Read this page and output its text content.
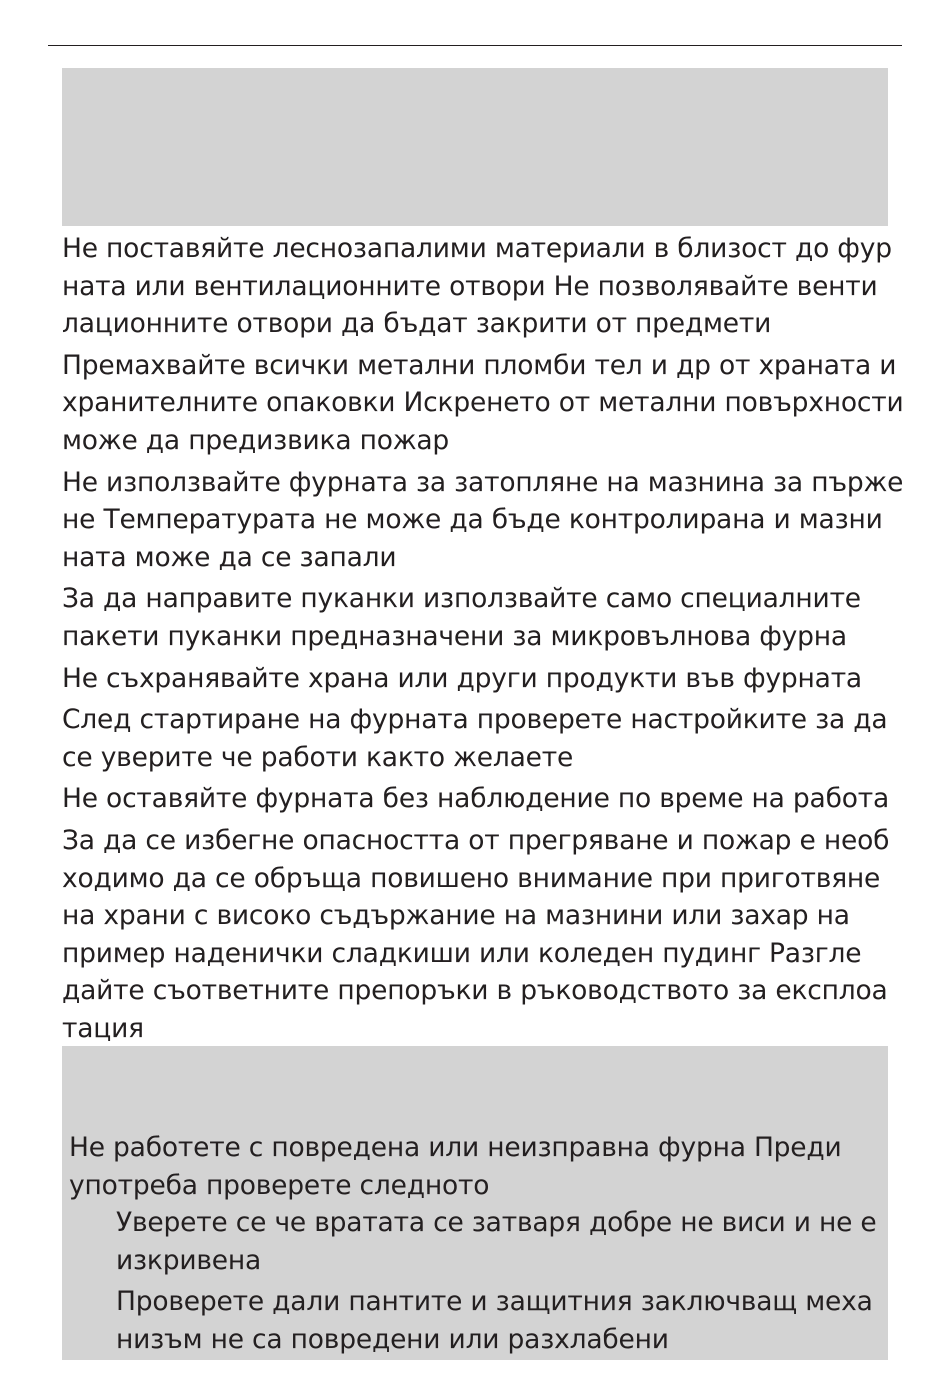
Не поставяйте леснозапалими материали в близост до фур
ната или вентилационните отвори Не позволявайте венти
лационните отвори да бъдат закрити от предмети

Премахвайте всички метални пломби тел и др от храната и
хранителните опаковки Искренето от метални повърхности
може да предизвика пожар

Не използвайте фурната за затопляне на мазнина за пърже
не Температурата не може да бъде контролирана и мазни
ната може да се запали

За да направите пуканки използвайте само специалните
пакети пуканки предназначени за микровълнова фурна

Не съхранявайте храна или други продукти във фурната

След стартиране на фурната проверете настройките за да
се уверите че работи както желаете

Не оставяйте фурната без наблюдение по време на работа

За да се избегне опасността от прегряване и пожар е необ
ходимо да се обръща повишено внимание при приготвяне
на храни с високо съдържание на мазнини или захар на
пример наденички сладкиши или коледен пудинг Разгле
дайте съответните препоръки в ръководството за експлоа
тация

Не работете с повредена или неизправна фурна Преди
употреба проверете следното

Уверете се че вратата се затваря добре не виси и не е
изкривена

Проверете дали пантите и защитния заключващ меха
низъм не са повредени или разхлабени
